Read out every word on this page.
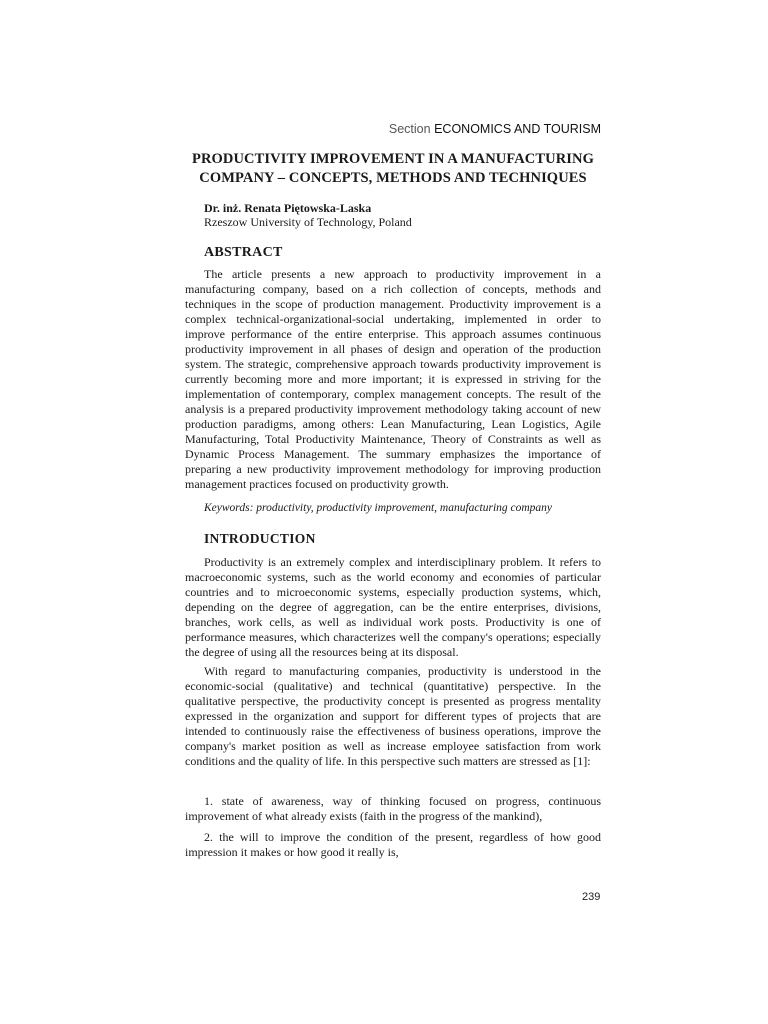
Section ECONOMICS AND TOURISM
PRODUCTIVITY IMPROVEMENT IN A MANUFACTURING COMPANY – CONCEPTS, METHODS AND TECHNIQUES
Dr. inż. Renata Piętowska-Laska
Rzeszow University of Technology, Poland
ABSTRACT

The article presents a new approach to productivity improvement in a manufacturing company, based on a rich collection of concepts, methods and techniques in the scope of production management. Productivity improvement is a complex technical-organizational-social undertaking, implemented in order to improve performance of the entire enterprise. This approach assumes continuous productivity improvement in all phases of design and operation of the production system. The strategic, comprehensive approach towards productivity improvement is currently becoming more and more important; it is expressed in striving for the implementation of contemporary, complex management concepts. The result of the analysis is a prepared productivity improvement methodology taking account of new production paradigms, among others: Lean Manufacturing, Lean Logistics, Agile Manufacturing, Total Productivity Maintenance, Theory of Constraints as well as Dynamic Process Management. The summary emphasizes the importance of preparing a new productivity improvement methodology for improving production management practices focused on productivity growth.

Keywords: productivity, productivity improvement, manufacturing company

INTRODUCTION

Productivity is an extremely complex and interdisciplinary problem. It refers to macroeconomic systems, such as the world economy and economies of particular countries and to microeconomic systems, especially production systems, which, depending on the degree of aggregation, can be the entire enterprises, divisions, branches, work cells, as well as individual work posts. Productivity is one of performance measures, which characterizes well the company's operations; especially the degree of using all the resources being at its disposal.

With regard to manufacturing companies, productivity is understood in the economic-social (qualitative) and technical (quantitative) perspective. In the qualitative perspective, the productivity concept is presented as progress mentality expressed in the organization and support for different types of projects that are intended to continuously raise the effectiveness of business operations, improve the company's market position as well as increase employee satisfaction from work conditions and the quality of life. In this perspective such matters are stressed as [1]:

1. state of awareness, way of thinking focused on progress, continuous improvement of what already exists (faith in the progress of the mankind),

2. the will to improve the condition of the present, regardless of how good impression it makes or how good it really is,

239
